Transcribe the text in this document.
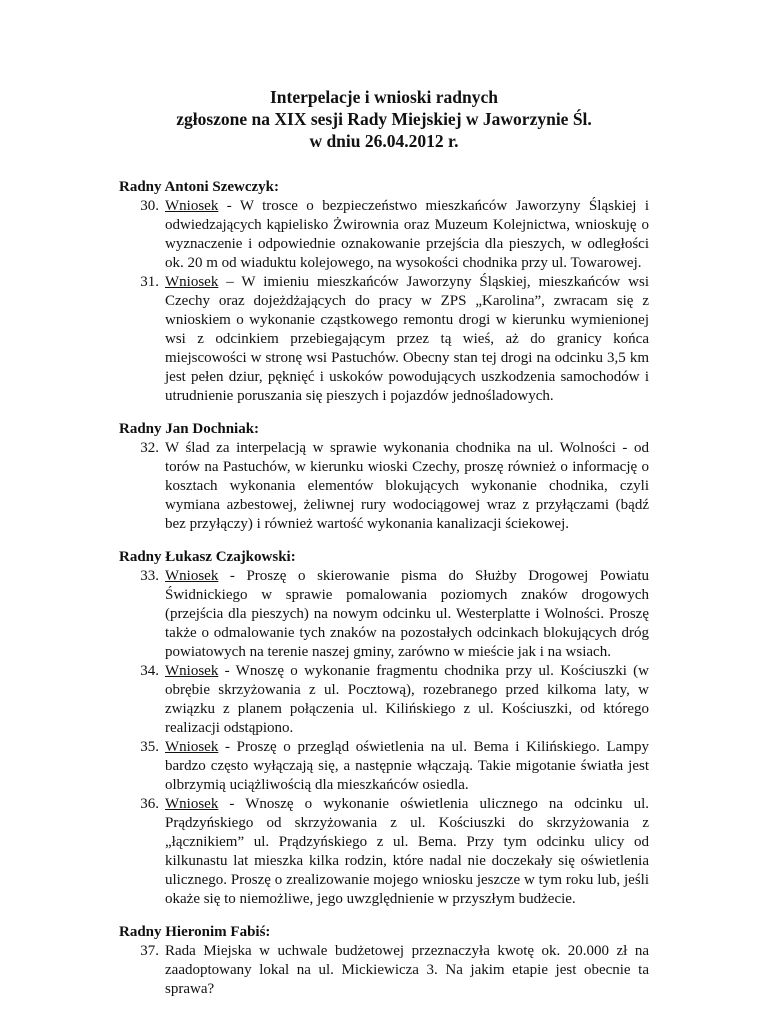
Interpelacje i wnioski radnych
zgłoszone na XIX sesji Rady Miejskiej w Jaworzynie Śl.
w dniu 26.04.2012 r.
Radny Antoni Szewczyk:
30. Wniosek - W trosce o bezpieczeństwo mieszkańców Jaworzyny Śląskiej i odwiedzających kąpielisko Żwirownia oraz Muzeum Kolejnictwa, wnioskuję o wyznaczenie i odpowiednie oznakowanie przejścia dla pieszych, w odległości ok. 20 m od wiaduktu kolejowego, na wysokości chodnika przy ul. Towarowej.
31. Wniosek – W imieniu mieszkańców Jaworzyny Śląskiej, mieszkańców wsi Czechy oraz dojeżdżających do pracy w ZPS „Karolina”, zwracam się z wnioskiem o wykonanie cząstkowego remontu drogi w kierunku wymienionej wsi z odcinkiem przebiegającym przez tą wieś, aż do granicy końca miejscowości w stronę wsi Pastuchów. Obecny stan tej drogi na odcinku 3,5 km jest pełen dziur, pęknięć i uskoków powodujących uszkodzenia samochodów i utrudnienie poruszania się pieszych i pojazdów jednośladowych.
Radny Jan Dochniak:
32. W ślad za interpelacją w sprawie wykonania chodnika na ul. Wolności - od torów na Pastuchów, w kierunku wioski Czechy, proszę również o informację o kosztach wykonania elementów blokujących wykonanie chodnika, czyli wymiana azbestowej, żeliwnej rury wodociągowej wraz z przyłączami (bądź bez przyłączy) i również wartość wykonania kanalizacji ściekowej.
Radny Łukasz Czajkowski:
33. Wniosek - Proszę o skierowanie pisma do Służby Drogowej Powiatu Świdnickiego w sprawie pomalowania poziomych znaków drogowych (przejścia dla pieszych) na nowym odcinku ul. Westerplatte i Wolności. Proszę także o odmalowanie tych znaków na pozostałych odcinkach blokujących dróg powiatowych na terenie naszej gminy, zarówno w mieście jak i na wsiach.
34. Wniosek - Wnoszę o wykonanie fragmentu chodnika przy ul. Kościuszki (w obrębie skrzyżowania z ul. Pocztową), rozebranego przed kilkoma laty, w związku z planem połączenia ul. Kilińskiego z ul. Kościuszki, od którego realizacji odstąpiono.
35. Wniosek - Proszę o przegląd oświetlenia na ul. Bema i Kilińskiego. Lampy bardzo często wyłączają się, a następnie włączają. Takie migotanie światła jest olbrzymią uciążliwością dla mieszkańców osiedla.
36. Wniosek - Wnoszę o wykonanie oświetlenia ulicznego na odcinku ul. Prądzyńskiego od skrzyżowania z ul. Kościuszki do skrzyżowania z „łącznikiem” ul. Prądzyńskiego z ul. Bema. Przy tym odcinku ulicy od kilkunastu lat mieszka kilka rodzin, które nadal nie doczekały się oświetlenia ulicznego. Proszę o zrealizowanie mojego wniosku jeszcze w tym roku lub, jeśli okaże się to niemożliwe, jego uwzględnienie w przyszłym budżecie.
Radny Hieronim Fabiś:
37. Rada Miejska w uchwale budżetowej przeznaczyła kwotę ok. 20.000 zł na zaadoptowany lokal na ul. Mickiewicza 3. Na jakim etapie jest obecnie ta sprawa?
